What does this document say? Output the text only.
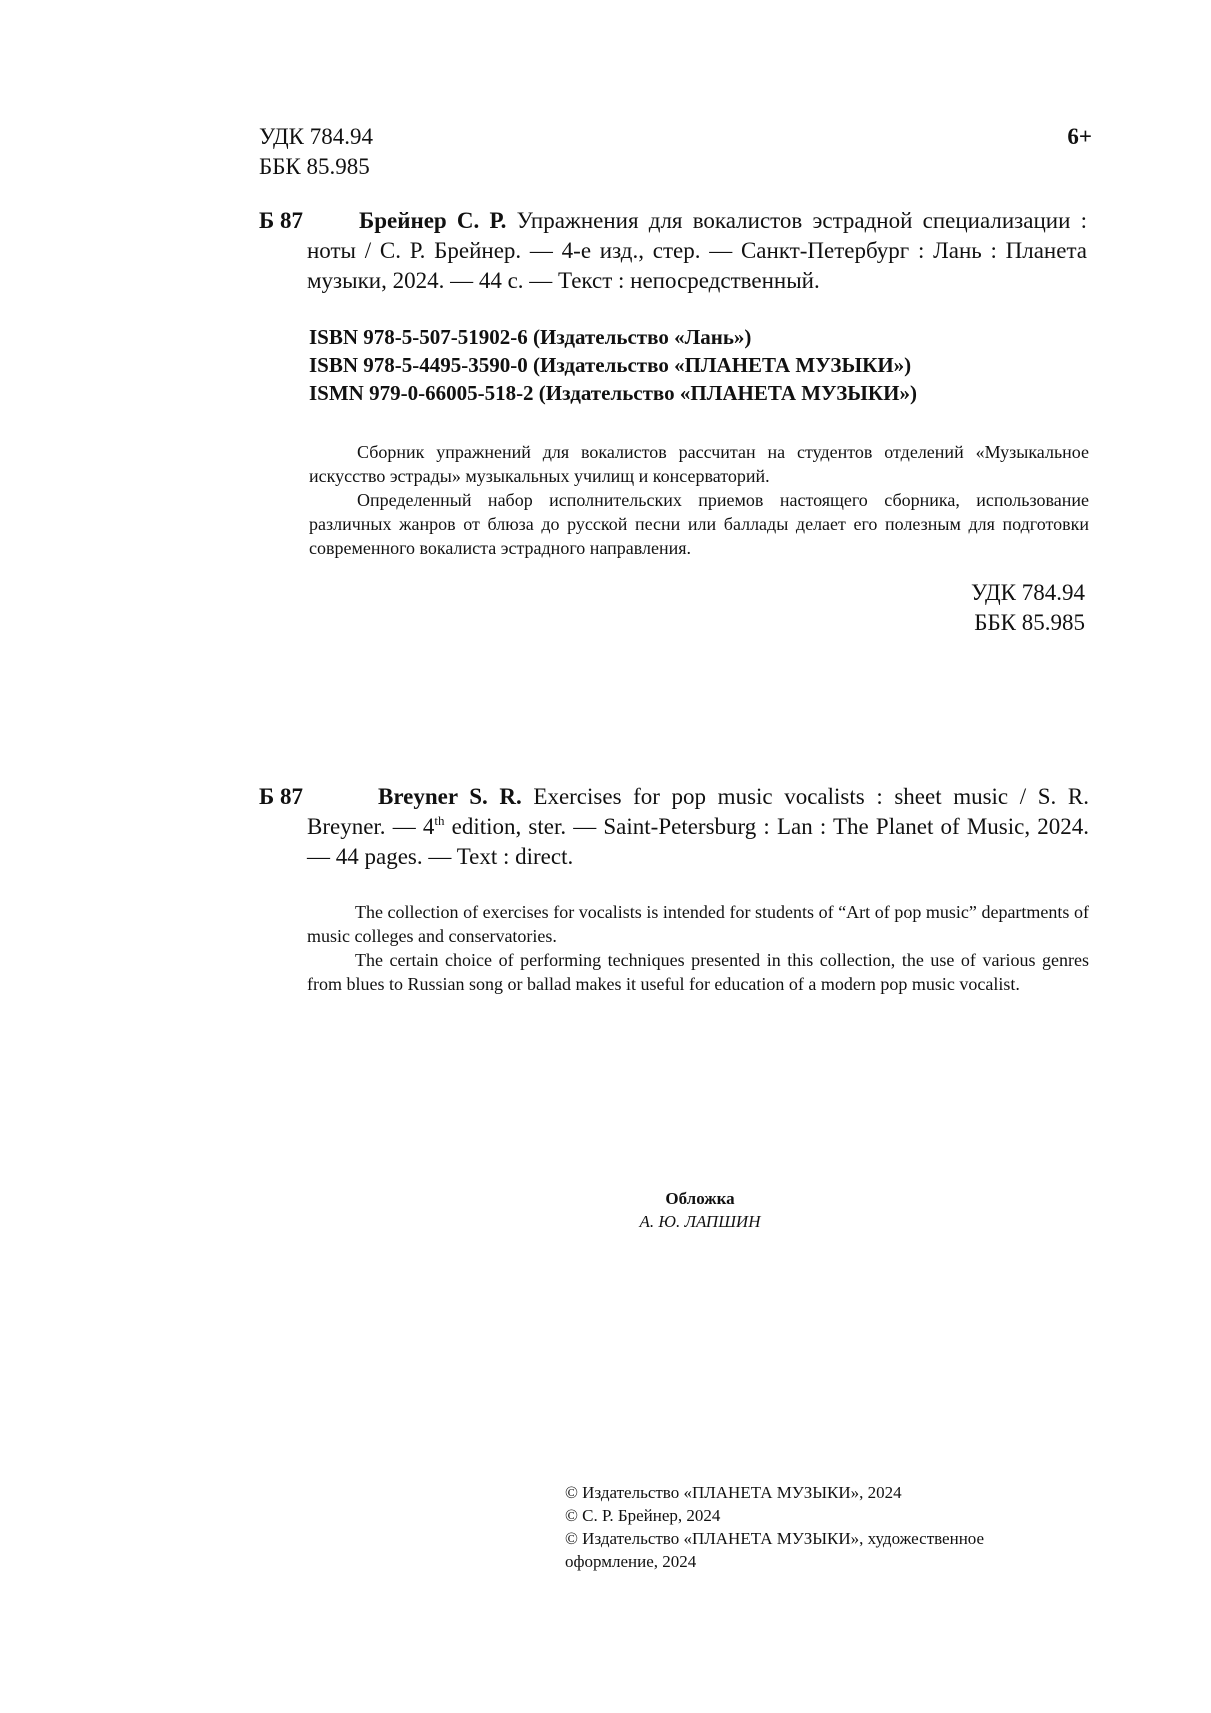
УДК 784.94
ББК 85.985
6+
Б 87	Брейнер С. Р. Упражнения для вокалистов эстрадной специализации : ноты / С. Р. Брейнер. — 4-е изд., стер. — Санкт-Петербург : Лань : Планета музыки, 2024. — 44 с. — Текст : непосредственный.
ISBN 978-5-507-51902-6 (Издательство «Лань»)
ISBN 978-5-4495-3590-0 (Издательство «ПЛАНЕТА МУЗЫКИ»)
ISMN 979-0-66005-518-2 (Издательство «ПЛАНЕТА МУЗЫКИ»)

Сборник упражнений для вокалистов рассчитан на студентов отделений «Музыкальное искусство эстрады» музыкальных училищ и консерваторий.

Определенный набор исполнительских приемов настоящего сборника, использование различных жанров от блюза до русской песни или баллады делает его полезным для подготовки современного вокалиста эстрадного направления.

УДК 784.94
ББК 85.985
Б 87	Breyner S. R. Exercises for pop music vocalists : sheet music / S. R. Breyner. — 4th edition, ster. — Saint-Petersburg : Lan : The Planet of Music, 2024. — 44 pages. — Text : direct.

The collection of exercises for vocalists is intended for students of “Art of pop music” departments of music colleges and conservatories.

The certain choice of performing techniques presented in this collection, the use of various genres from blues to Russian song or ballad makes it useful for education of a modern pop music vocalist.

Обложка
А. Ю. ЛАПШИН
© Издательство «ПЛАНЕТА МУЗЫКИ», 2024
© С. Р. Брейнер, 2024
© Издательство «ПЛАНЕТА МУЗЫКИ», художественное оформление, 2024
